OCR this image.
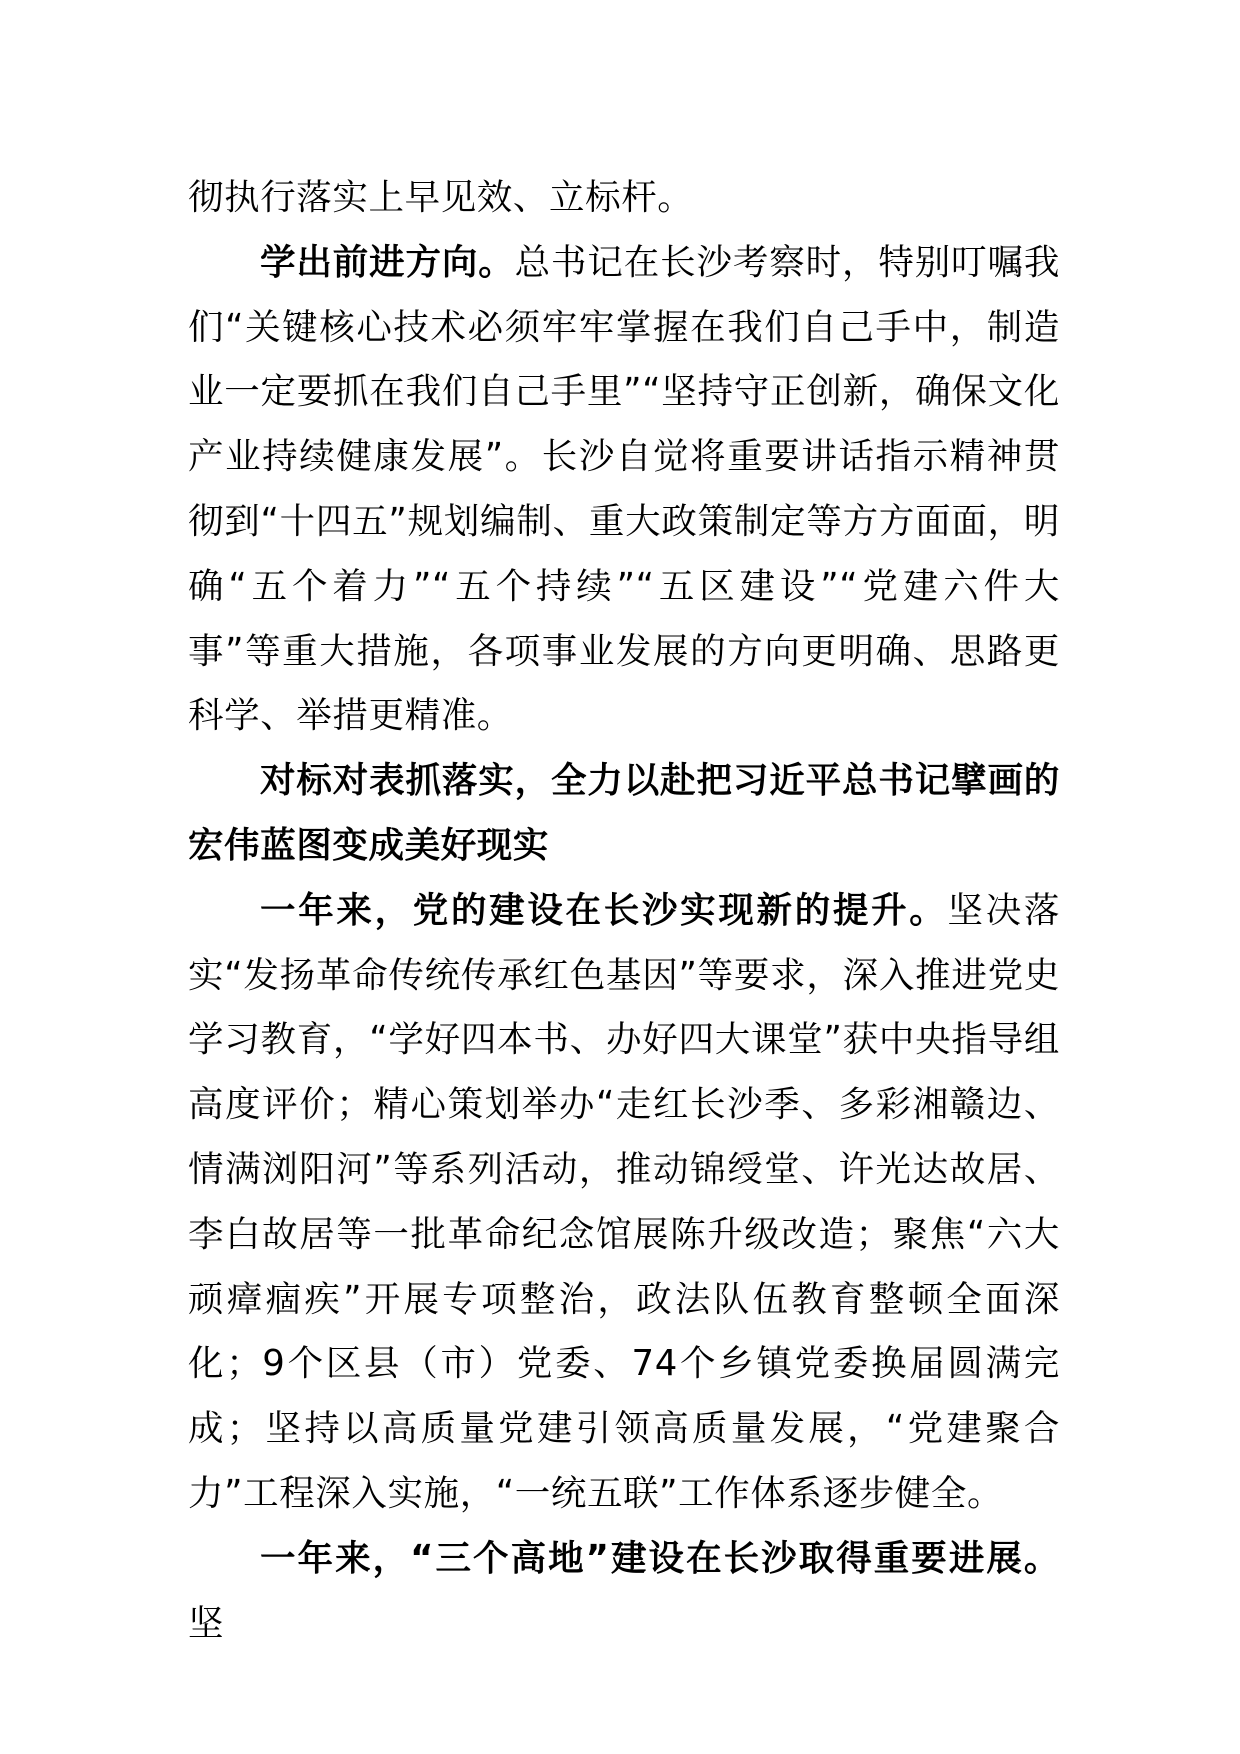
彻执行落实上早见效、立标杆。

学出前进方向。总书记在长沙考察时，特别叮嘱我们“关键核心技术必须牢牢掌握在我们自己手中，制造业一定要抓在我们自己手里”“坚持守正创新，确保文化产业持续健康发展”。长沙自觉将重要讲话指示精神贯彻到“十四五”规划编制、重大政策制定等方方面面，明确“五个着力”“五个持续”“五区建设”“党建六件大事”等重大措施，各项事业发展的方向更明确、思路更科学、举措更精准。

对标对表抓落实，全力以赴把习近平总书记擘画的宏伟蓝图变成美好现实

一年来，党的建设在长沙实现新的提升。坚决落实“发扬革命传统传承红色基因”等要求，深入推进党史学习教育，“学好四本书、办好四大课堂”获中央指导组高度评价；精心策划举办“走红长沙季、多彩湘赣边、情满浏阳河”等系列活动，推动锦绶堂、许光达故居、李白故居等一批革命纪念馆展陈升级改造；聚焦“六大顽瘴痼疾”开展专项整治，政法队伍教育整顿全面深化；9个区县（市）党委、74个乡镇党委换届圆满完成；坚持以高质量党建引领高质量发展，“党建聚合力”工程深入实施，“一统五联”工作体系逐步健全。

一年来，“三个高地”建设在长沙取得重要进展。坚
